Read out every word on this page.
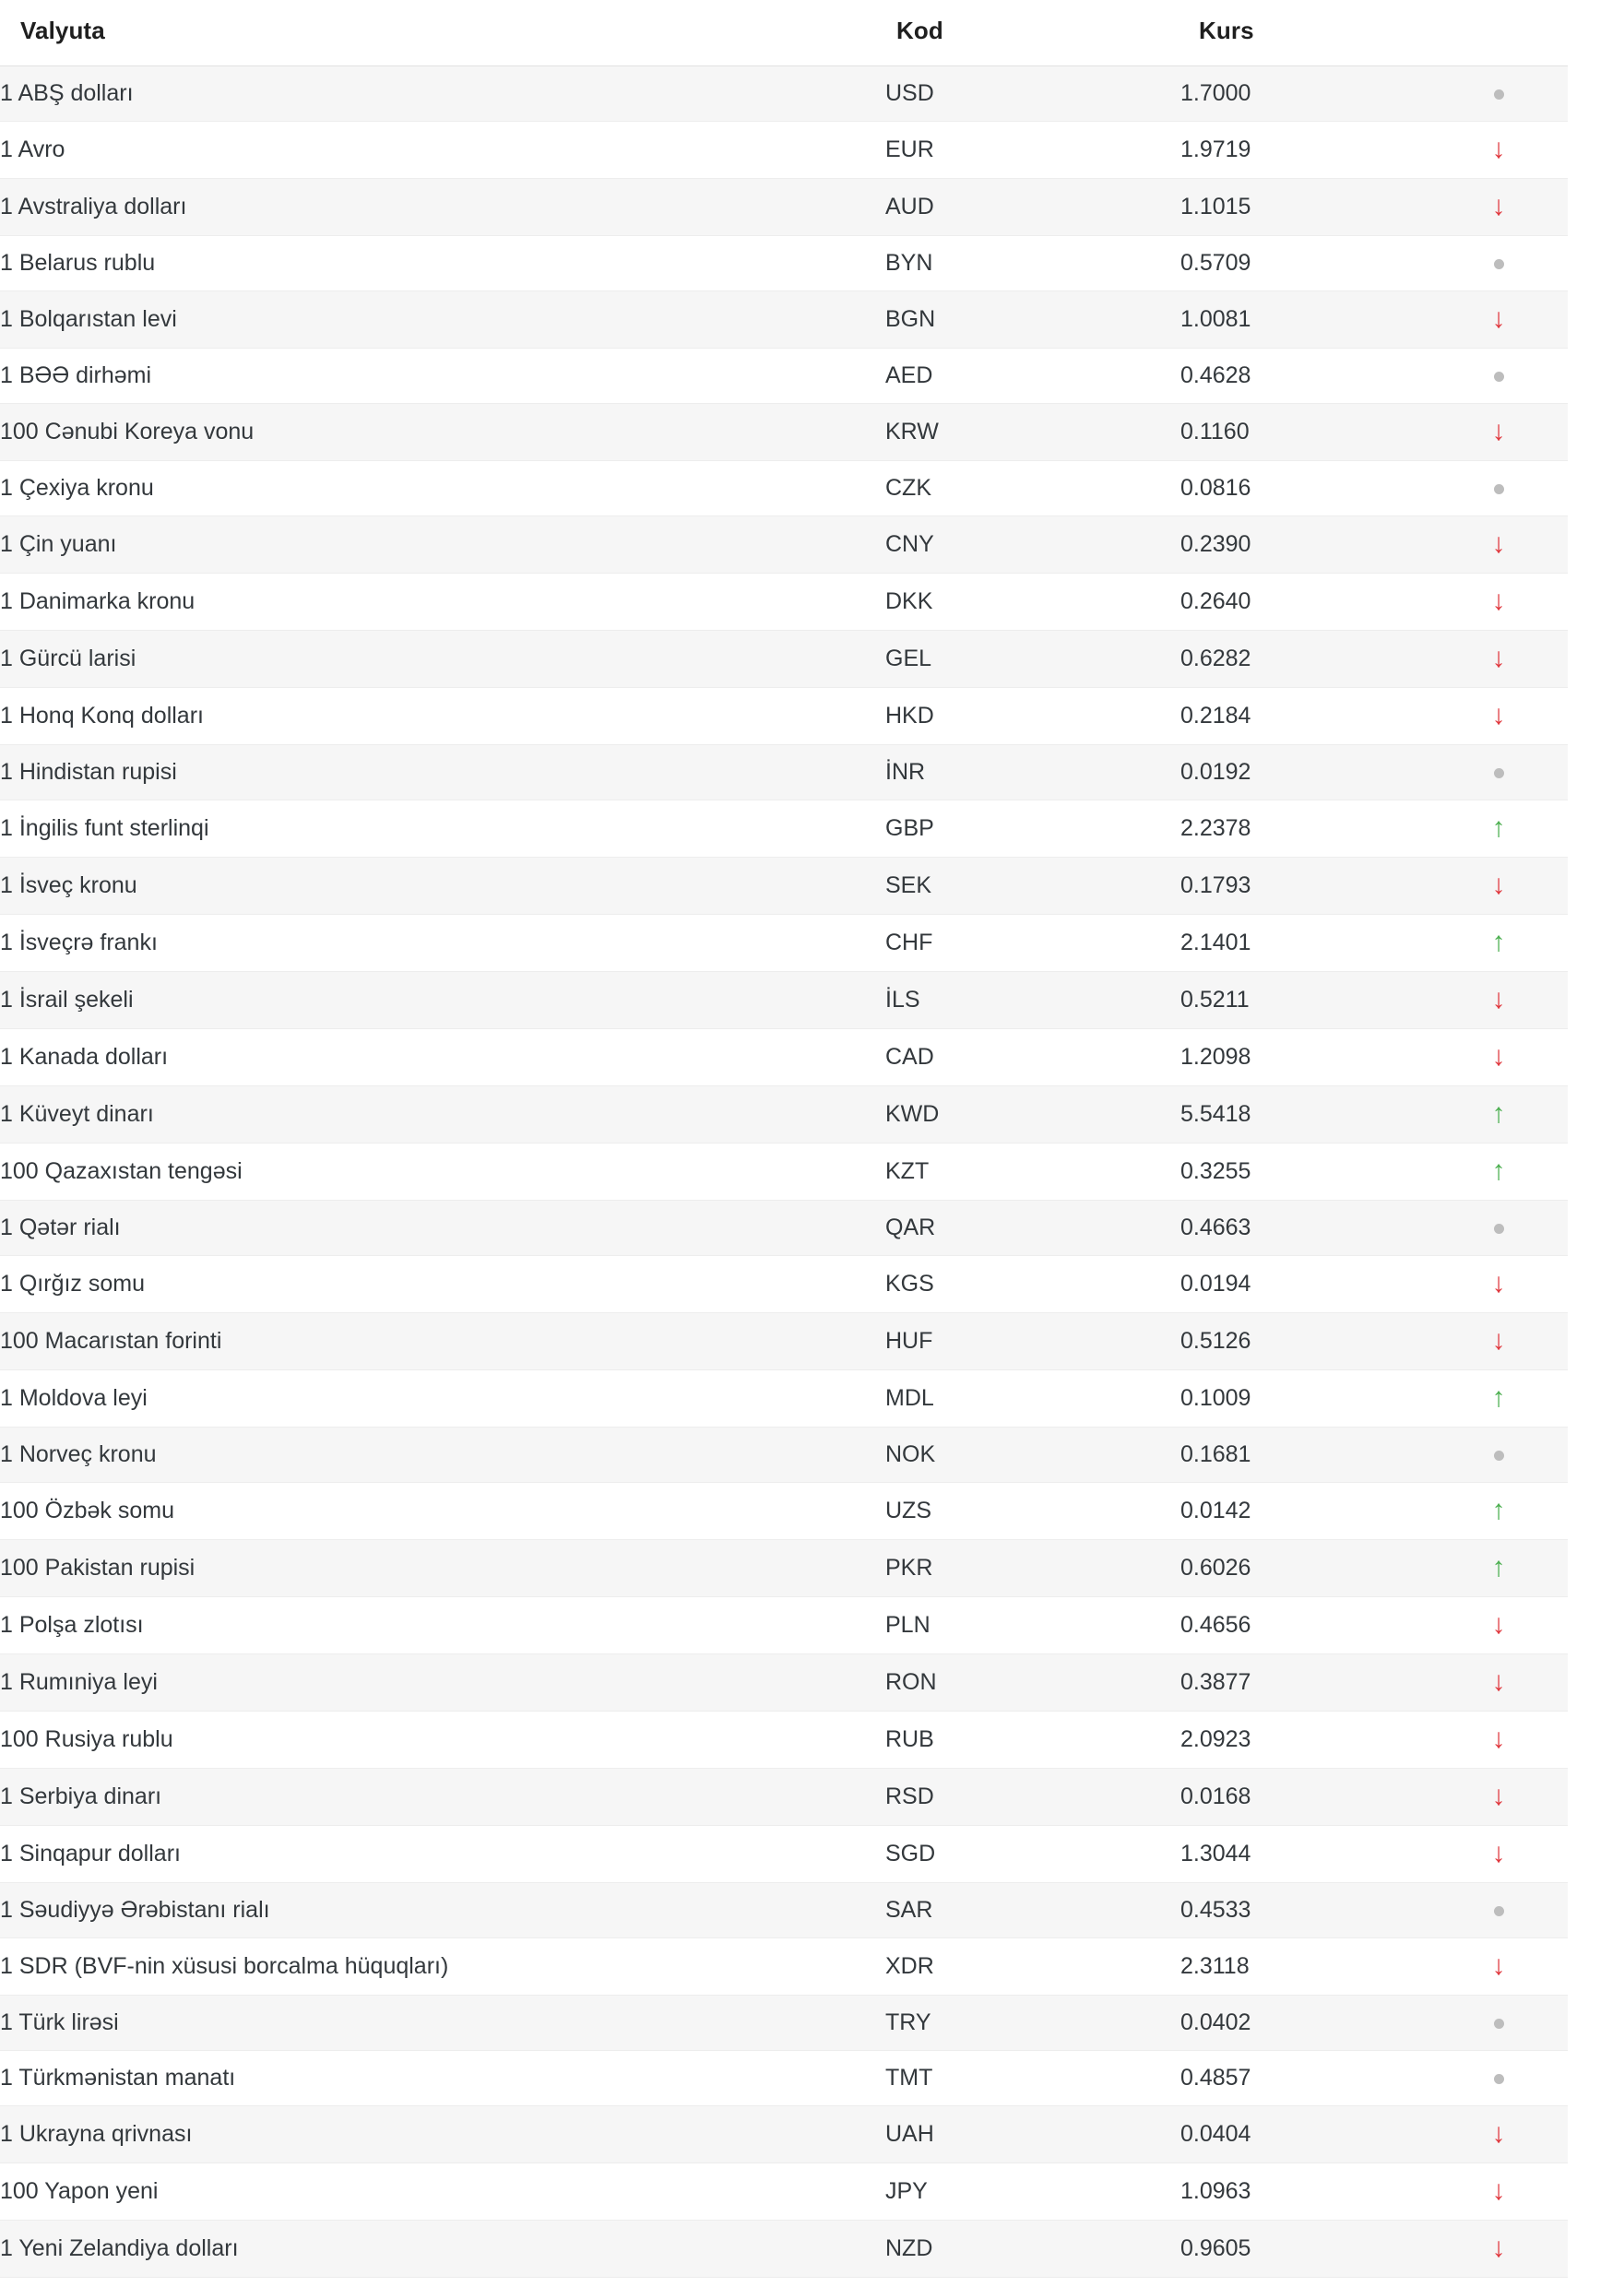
Valyuta	Kod	Kurs	
1 ABŞ dolları	USD	1.7000	
1 Avro	EUR	1.9719	↓
1 Avstraliya dolları	AUD	1.1015	↓
1 Belarus rublu	BYN	0.5709	
1 Bolqarıstan levi	BGN	1.0081	↓
1 BƏƏ dirhəmi	AED	0.4628	
100 Cənubi Koreya vonu	KRW	0.1160	↓
1 Çexiya kronu	CZK	0.0816	
1 Çin yuanı	CNY	0.2390	↓
1 Danimarka kronu	DKK	0.2640	↓
1 Gürcü larisi	GEL	0.6282	↓
1 Honq Konq dolları	HKD	0.2184	↓
1 Hindistan rupisi	İNR	0.0192	
1 İngilis funt sterlinqi	GBP	2.2378	↑
1 İsveç kronu	SEK	0.1793	↓
1 İsveçrə frankı	CHF	2.1401	↑
1 İsrail şekeli	İLS	0.5211	↓
1 Kanada dolları	CAD	1.2098	↓
1 Küveyt dinarı	KWD	5.5418	↑
100 Qazaxıstan tengəsi	KZT	0.3255	↑
1 Qətər rialı	QAR	0.4663	
1 Qırğız somu	KGS	0.0194	↓
100 Macarıstan forinti	HUF	0.5126	↓
1 Moldova leyi	MDL	0.1009	↑
1 Norveç kronu	NOK	0.1681	
100 Özbək somu	UZS	0.0142	↑
100 Pakistan rupisi	PKR	0.6026	↑
1 Polşa zlotısı	PLN	0.4656	↓
1 Rumıniya leyi	RON	0.3877	↓
100 Rusiya rublu	RUB	2.0923	↓
1 Serbiya dinarı	RSD	0.0168	↓
1 Sinqapur dolları	SGD	1.3044	↓
1 Səudiyyə Ərəbistanı rialı	SAR	0.4533	
1 SDR (BVF-nin xüsusi borcalma hüquqları)	XDR	2.3118	↓
1 Türk lirəsi	TRY	0.0402	
1 Türkmənistan manatı	TMT	0.4857	
1 Ukrayna qrivnası	UAH	0.0404	↓
100 Yapon yeni	JPY	1.0963	↓
1 Yeni Zelandiya dolları	NZD	0.9605	↓
